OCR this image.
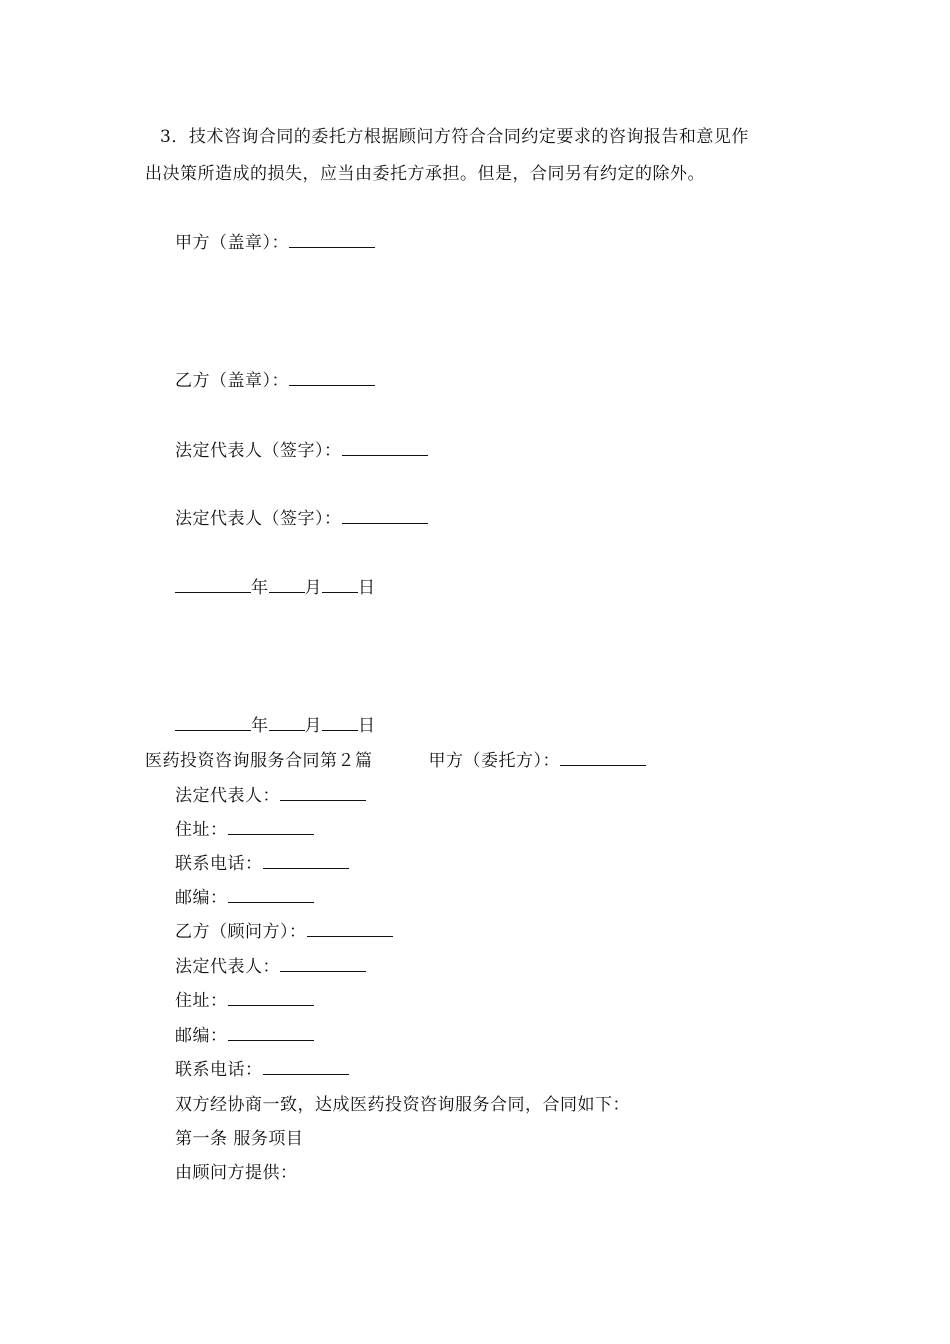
3．技术咨询合同的委托方根据顾问方符合合同约定要求的咨询报告和意见作
出决策所造成的损失，应当由委托方承担。但是，合同另有约定的除外。
甲方（盖章）：
乙方（盖章）：
法定代表人（签字）：
法定代表人（签字）：
年 月 日
年 月 日
医药投资咨询服务合同第２篇	甲方（委托方）：
法定代表人：
住址：
联系电话：
邮编：
乙方（顾问方）：
法定代表人：
住址：
邮编：
联系电话：
双方经协商一致，达成医药投资咨询服务合同，合同如下：
第一条 服务项目
由顾问方提供：
